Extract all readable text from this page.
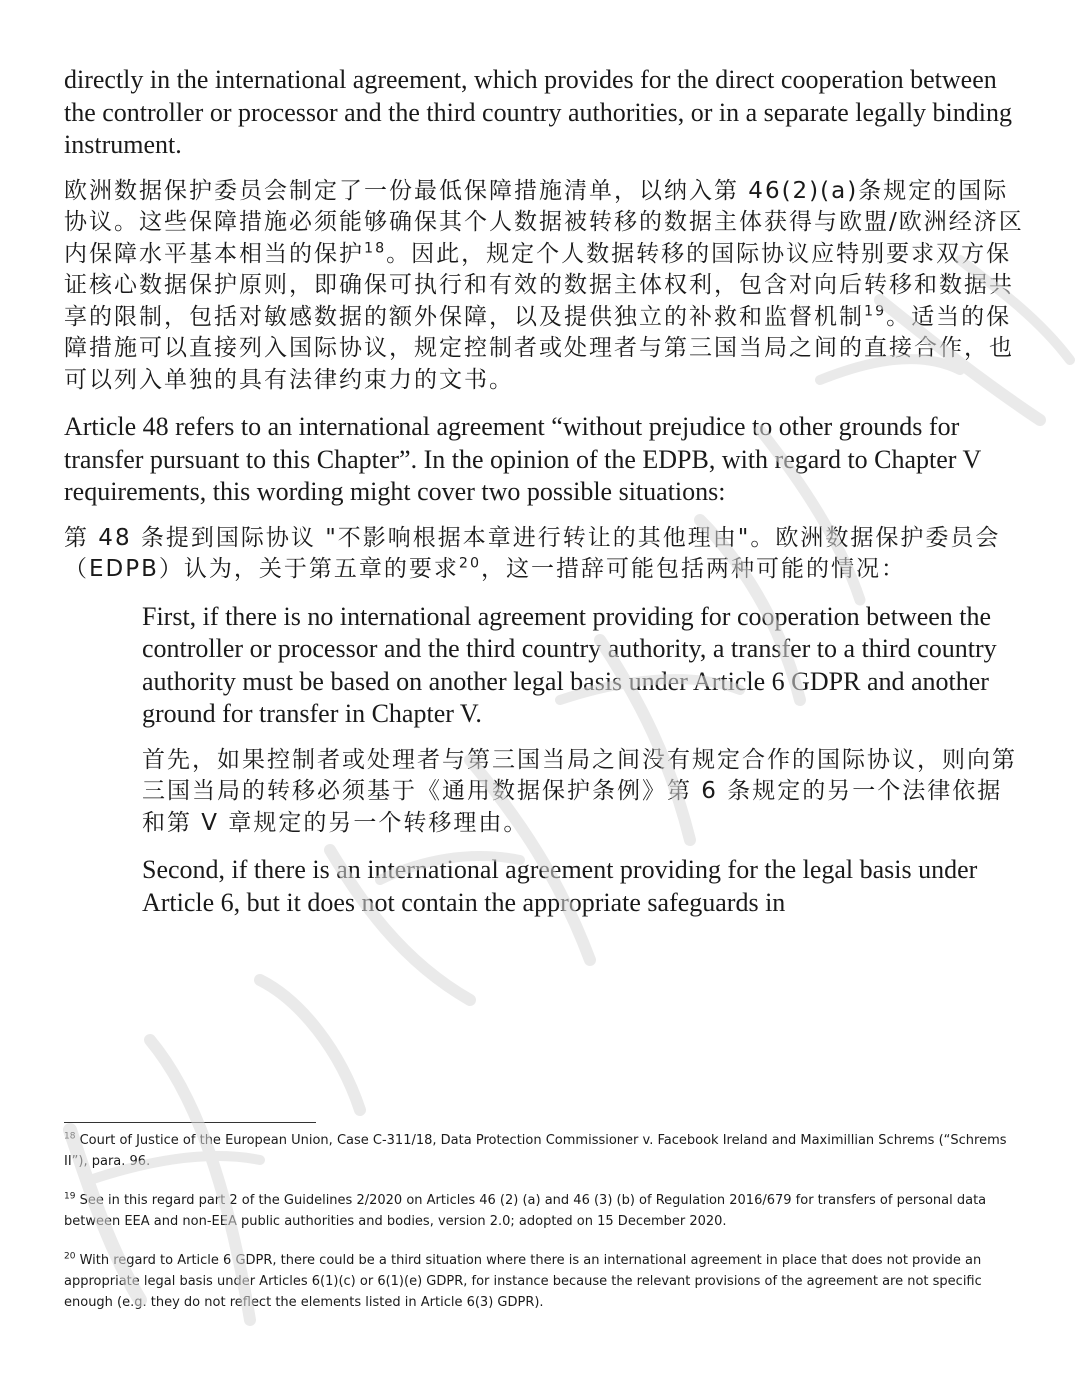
directly in the international agreement, which provides for the direct cooperation between the controller or processor and the third country authorities, or in a separate legally binding instrument.

欧洲数据保护委员会制定了一份最低保障措施清单，以纳入第 46(2)(a)条规定的国际协议。这些保障措施必须能够确保其个人数据被转移的数据主体获得与欧盟/欧洲经济区内保障水平基本相当的保护$^{18}$。因此，规定个人数据转移的国际协议应特别要求双方保证核心数据保护原则，即确保可执行和有效的数据主体权利，包含对向后转移和数据共享的限制，包括对敏感数据的额外保障，以及提供独立的补救和监督机制$^{19}$。适当的保障措施可以直接列入国际协议，规定控制者或处理者与第三国当局之间的直接合作，也可以列入单独的具有法律约束力的文书。

Article 48 refers to an international agreement “without prejudice to other grounds for transfer pursuant to this Chapter”. In the opinion of the EDPB, with regard to Chapter V requirements, this wording might cover two possible situations:

第 48 条提到国际协议 "不影响根据本章进行转让的其他理由"。欧洲数据保护委员会（EDPB）认为，关于第五章的要求$^{20}$，这一措辞可能包括两种可能的情况：

First, if there is no international agreement providing for cooperation between the controller or processor and the third country authority, a transfer to a third country authority must be based on another legal basis under Article 6 GDPR and another ground for transfer in Chapter V.

首先，如果控制者或处理者与第三国当局之间没有规定合作的国际协议，则向第三国当局的转移必须基于《通用数据保护条例》第 6 条规定的另一个法律依据和第 V 章规定的另一个转移理由。

Second, if there is an international agreement providing for the legal basis under Article 6, but it does not contain the appropriate safeguards in

$^{18}$ Court of Justice of the European Union, Case C-311/18, Data Protection Commissioner v. Facebook Ireland and Maximillian Schrems (“Schrems II”), para. 96.

$^{19}$ See in this regard part 2 of the Guidelines 2/2020 on Articles 46 (2) (a) and 46 (3) (b) of Regulation 2016/679 for transfers of personal data between EEA and non-EEA public authorities and bodies, version 2.0; adopted on 15 December 2020.

$^{20}$ With regard to Article 6 GDPR, there could be a third situation where there is an international agreement in place that does not provide an appropriate legal basis under Articles 6(1)(c) or 6(1)(e) GDPR, for instance because the relevant provisions of the agreement are not specific enough (e.g. they do not reflect the elements listed in Article 6(3) GDPR).
